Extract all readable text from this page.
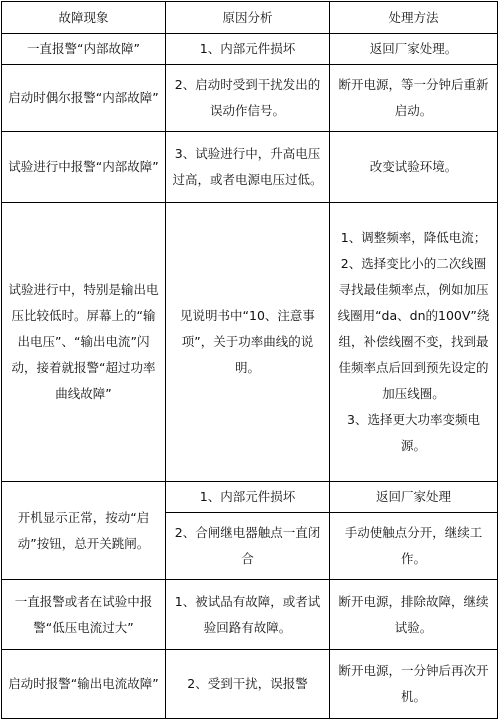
故障现象	原因分析	处理方法
一直报警“内部故障”	1、内部元件损坏	返回厂家处理。
启动时偶尔报警“内部故障”	2、启动时受到干扰发出的误动作信号。	断开电源，等一分钟后重新启动。
试验进行中报警“内部故障”	3、试验进行中，升高电压过高，或者电源电压过低。	改变试验环境。
试验进行中，特别是输出电压比较低时。屏幕上的“输出电压”、“输出电流”闪动，接着就报警“超过功率曲线故障”	见说明书中“10、注意事项”，关于功率曲线的说明。	1、调整频率，降低电流；
2、选择变比小的二次线圈寻找最佳频率点，例如加压线圈用“da、dn的100V”绕组，补偿线圈不变，找到最佳频率点后回到预先设定的加压线圈。
3、选择更大功率变频电源。

开机显示正常，按动“启动”按钮，总开关跳闸。	1、内部元件损坏	返回厂家处理
	2、合闸继电器触点一直闭合	手动使触点分开，继续工作。
一直报警或者在试验中报警“低压电流过大”	1、被试品有故障，或者试验回路有故障。	断开电源，排除故障，继续试验。
启动时报警“输出电流故障”	2、受到干扰，误报警	断开电源，一分钟后再次开机。
